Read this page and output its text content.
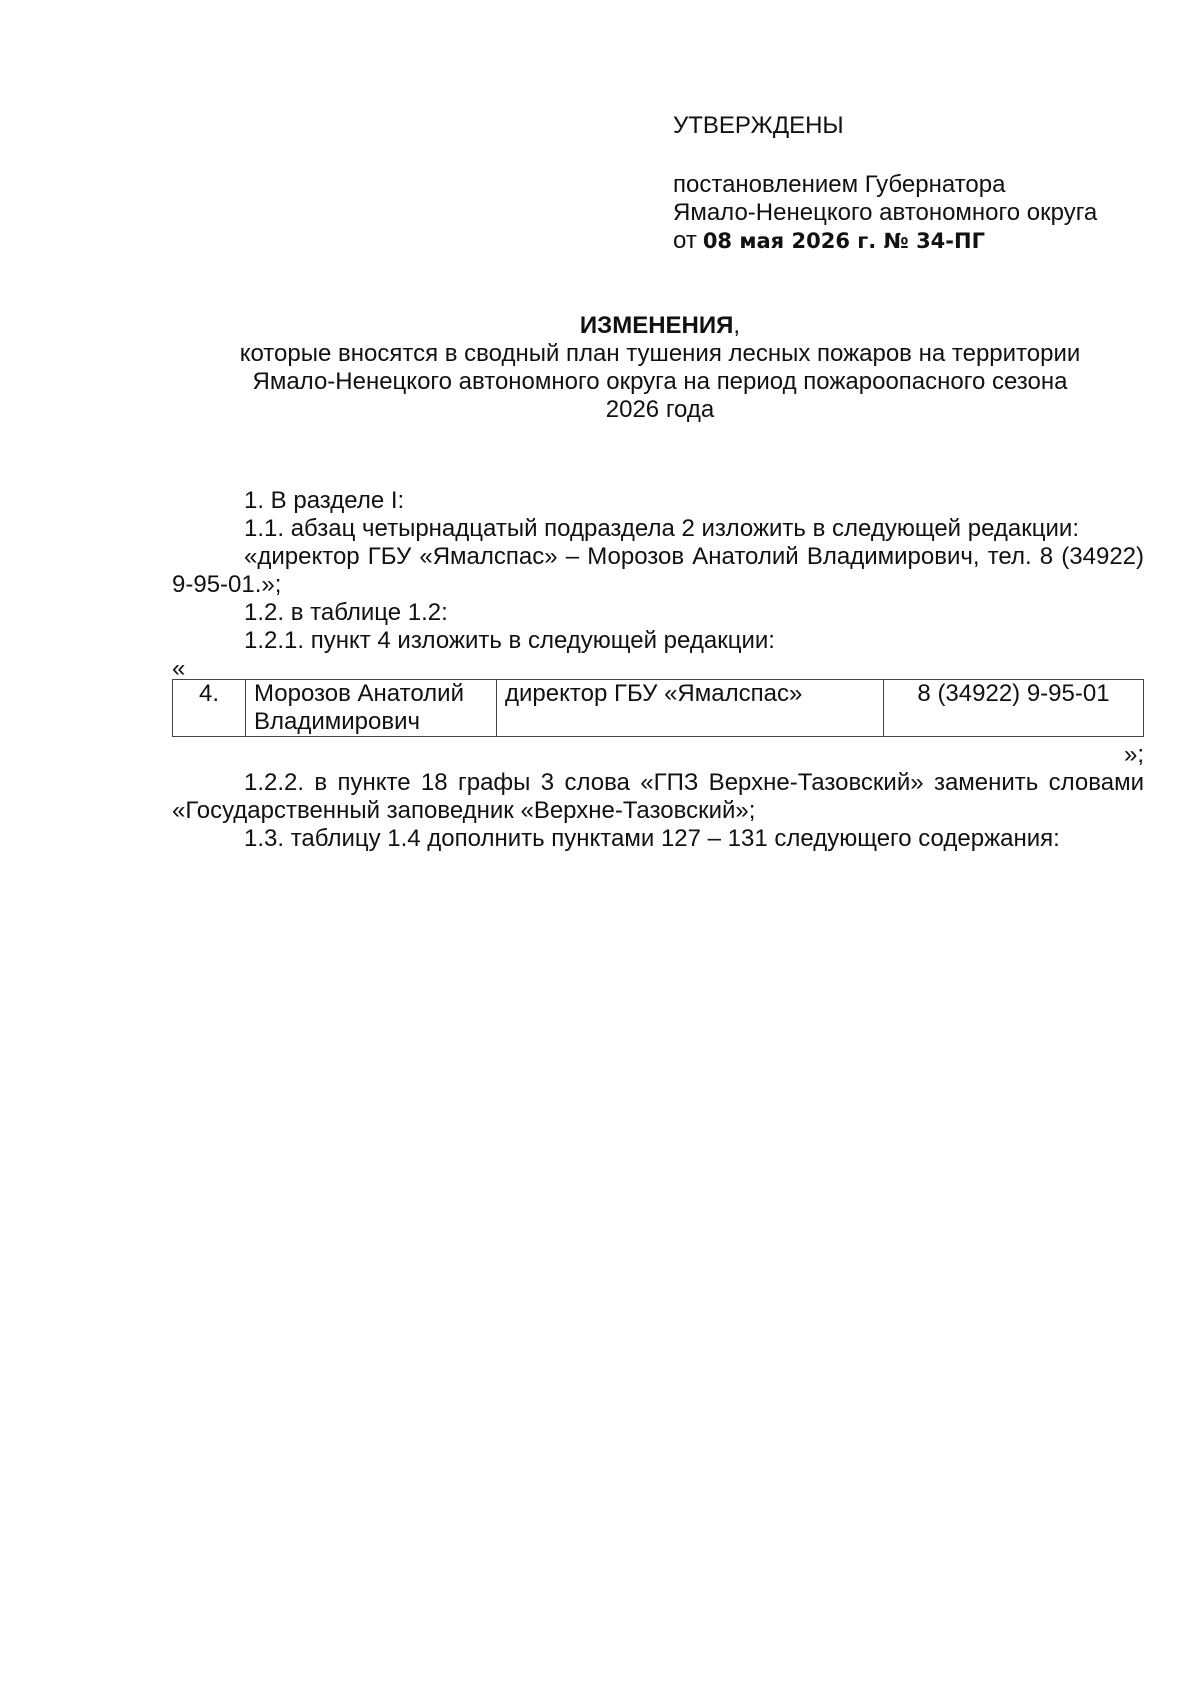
УТВЕРЖДЕНЫ
постановлением Губернатора
Ямало-Ненецкого автономного округа
от 08 мая 2026 г. № 34-ПГ
ИЗМЕНЕНИЯ,
которые вносятся в сводный план тушения лесных пожаров на территории
Ямало-Ненецкого автономного округа на период пожароопасного сезона
2026 года

1. В разделе I:

1.1. абзац четырнадцатый подраздела 2 изложить в следующей редакции:

«директор ГБУ «Ямалспас» – Морозов Анатолий Владимирович, тел. 8 (34922) 9-95-01.»;

1.2. в таблице 1.2:

1.2.1. пункт 4 изложить в следующей редакции:

«

4.	Морозов Анатолий Владимирович	директор ГБУ «Ямалспас»	8 (34922) 9-95-01

»;

1.2.2. в пункте 18 графы 3 слова «ГПЗ Верхне-Тазовский» заменить словами «Государственный заповедник «Верхне-Тазовский»;

1.3. таблицу 1.4 дополнить пунктами 127 – 131 следующего содержания:
